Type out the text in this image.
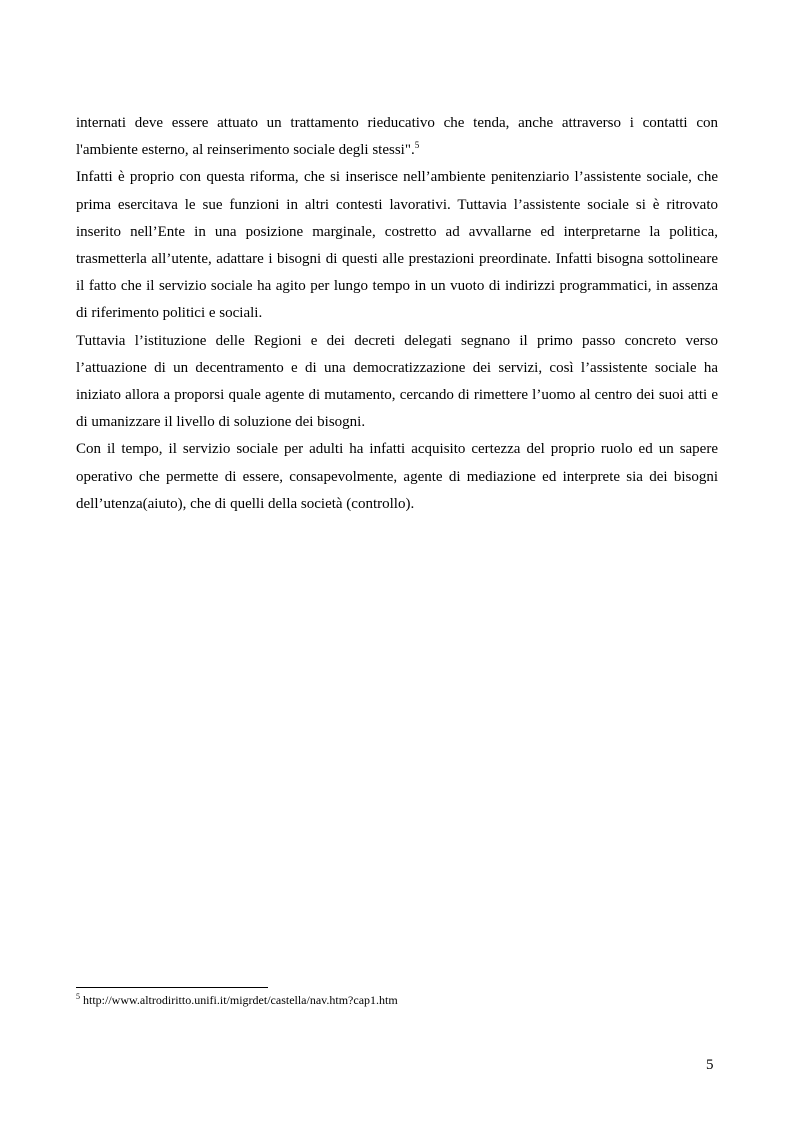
internati deve essere attuato un trattamento rieducativo che tenda, anche attraverso i contatti con l'ambiente esterno, al reinserimento sociale degli stessi".$^5$

Infatti è proprio con questa riforma, che si inserisce nell’ambiente penitenziario l’assistente sociale, che prima esercitava le sue funzioni in altri contesti lavorativi. Tuttavia l’assistente sociale si è ritrovato inserito nell’Ente in una posizione marginale, costretto ad avvallarne ed interpretarne la politica, trasmetterla all’utente, adattare i bisogni di questi alle prestazioni preordinate. Infatti bisogna sottolineare il fatto che il servizio sociale ha agito per lungo tempo in un vuoto di indirizzi programmatici, in assenza di riferimento politici e sociali.

Tuttavia l’istituzione delle Regioni e dei decreti delegati segnano il primo passo concreto verso l’attuazione di un decentramento e di una democratizzazione dei servizi, così l’assistente sociale ha iniziato allora a proporsi quale agente di mutamento, cercando di rimettere l’uomo al centro dei suoi atti e di umanizzare il livello di soluzione dei bisogni.

Con il tempo, il servizio sociale per adulti ha infatti acquisito certezza del proprio ruolo ed un sapere operativo che permette di essere, consapevolmente, agente di mediazione ed interprete sia dei bisogni dell’utenza(aiuto), che di quelli della società (controllo).

$^5$ http://www.altrodiritto.unifi.it/migrdet/castella/nav.htm?cap1.htm
5
